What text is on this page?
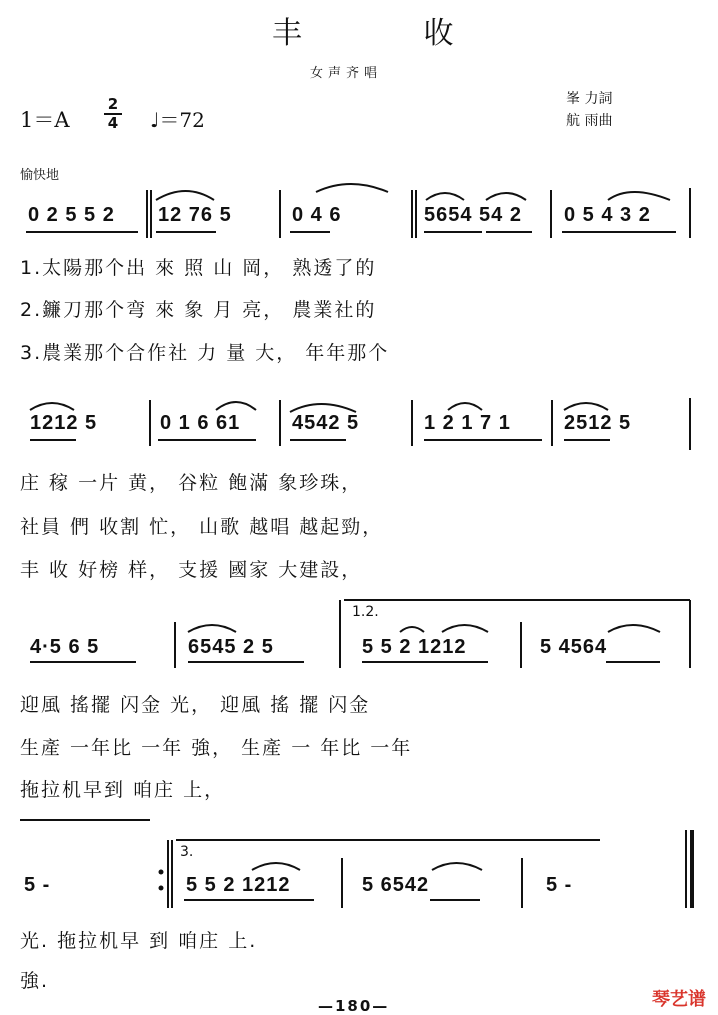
丰 收
女声齐唱
$1=A \frac{2}{4}$ ♩＝72
峯 力詞
航 雨曲
愉快地
0 2 5 5 2 12 76 5	0 4 6	5654 54 2 0 5 4 3 2
1.太陽那个出 來 照 山 岡， 熟透了的
2.鐮刀那个弯 來 象 月 亮， 農業社的
3.農業那个合作社 力 量 大， 年年那个
1212 5	0 1 6 61	4542 5	1 2 1 7 1	2512 5
庄 稼 一片 黄， 谷粒 飽滿 象珍珠，
社員 們 收割 忙， 山歌 越唱 越起勁，
丰 收 好榜 样， 支援 國家 大建設，
1.2.
4·5 6 5	6545 2 5	5 5 2 1212	5 4564
迎風 搖擺 闪金 光， 迎風 搖 擺 闪金
生產 一年比 一年 強， 生產 一 年比 一年
拖拉机早到 咱庄 上，
3.
5 -	5 5 2 1212	5 6542	5 -
光. 拖拉机早 到 咱庄 上.
強.
—180—	琴艺谱
